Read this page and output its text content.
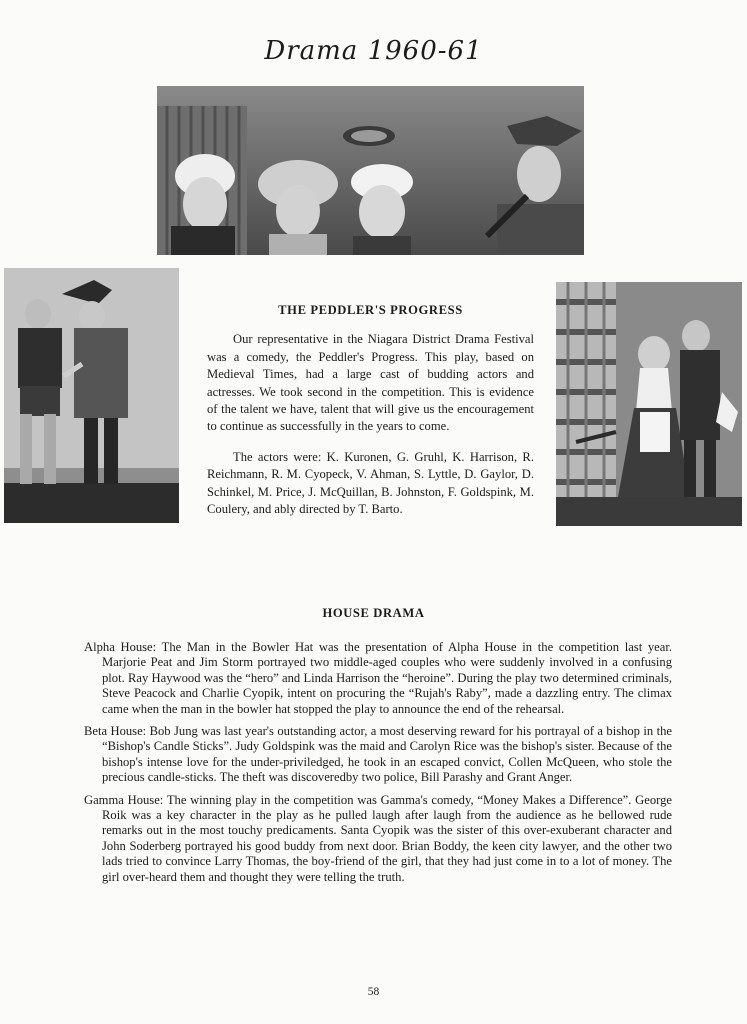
Drama 1960-61
THE PEDDLER'S PROGRESS

Our representative in the Niagara District Drama Festival was a comedy, the Peddler's Progress. This play, based on Medieval Times, had a large cast of budding actors and actresses. We took second in the competition. This is evidence of the talent we have, talent that will give us the encouragement to continue as successfully in the years to come.

The actors were: K. Kuronen, G. Gruhl, K. Harrison, R. Reichmann, R. M. Cyopeck, V. Ahman, S. Lyttle, D. Gaylor, D. Schinkel, M. Price, J. McQuillan, B. Johnston, F. Goldspink, M. Coulery, and ably directed by T. Barto.

HOUSE DRAMA

Alpha House: The Man in the Bowler Hat was the presentation of Alpha House in the competition last year. Marjorie Peat and Jim Storm portrayed two middle-aged couples who were suddenly involved in a confusing plot. Ray Haywood was the “hero” and Linda Harrison the “heroine”. During the play two determined criminals, Steve Peacock and Charlie Cyopik, intent on procuring the “Rujah's Raby”, made a dazzling entry. The climax came when the man in the bowler hat stopped the play to announce the end of the rehearsal.

Beta House: Bob Jung was last year's outstanding actor, a most deserving reward for his portrayal of a bishop in the “Bishop's Candle Sticks”. Judy Goldspink was the maid and Carolyn Rice was the bishop's sister. Because of the bishop's intense love for the under-priviledged, he took in an escaped convict, Collen McQueen, who stole the precious candle-sticks. The theft was discoveredby two police, Bill Parashy and Grant Anger.

Gamma House: The winning play in the competition was Gamma's comedy, “Money Makes a Difference”. George Roik was a key character in the play as he pulled laugh after laugh from the audience as he bellowed rude remarks out in the most touchy predicaments. Santa Cyopik was the sister of this over-exuberant character and John Soderberg portrayed his good buddy from next door. Brian Boddy, the keen city lawyer, and the other two lads tried to convince Larry Thomas, the boy-friend of the girl, that they had just come in to a lot of money. The girl over-heard them and thought they were telling the truth.

58
